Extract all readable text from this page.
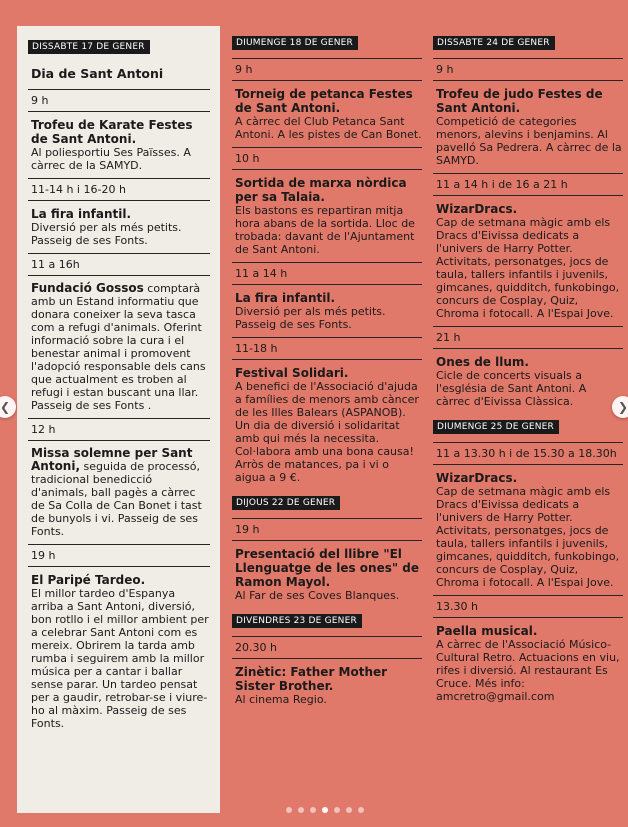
DISSABTE 17 DE GENER
Dia de Sant Antoni
9 h
Trofeu de Karate Festes de Sant Antoni.
Al poliesportiu Ses Païsses. A càrrec de la SAMYD.
11-14 h i 16-20 h
La fira infantil.
Diversió per als més petits. Passeig de ses Fonts.
11 a 16h
Fundació Gossos comptarà amb un Estand informatiu que donara coneixer la seva tasca com a refugi d'animals. Oferint informació sobre la cura i el benestar animal i promovent l'adopció responsable dels cans que actualment es troben al refugi i estan buscant una llar. Passeig de ses Fonts .
12 h
Missa solemne per Sant Antoni, seguida de processó, tradicional benedicció d'animals, ball pagès a càrrec de Sa Colla de Can Bonet i tast de bunyols i vi. Passeig de ses Fonts.
19 h
El Paripé Tardeo.
El millor tardeo d'Espanya arriba a Sant Antoni, diversió, bon rotllo i el millor ambient per a celebrar Sant Antoni com es mereix. Obrirem la tarda amb rumba i seguirem amb la millor música per a cantar i ballar sense parar. Un tardeo pensat per a gaudir, retrobar-se i viure-ho al màxim. Passeig de ses Fonts.
DIUMENGE 18 DE GENER
9 h
Torneig de petanca Festes de Sant Antoni.
A càrrec del Club Petanca Sant Antoni. A les pistes de Can Bonet.
10 h
Sortida de marxa nòrdica per sa Talaia.
Els bastons es repartiran mitja hora abans de la sortida. Lloc de trobada: davant de l'Ajuntament de Sant Antoni.
11 a 14 h
La fira infantil.
Diversió per als més petits. Passeig de ses Fonts.
11-18 h
Festival Solidari.
A benefici de l'Associació d'ajuda a famílies de menors amb càncer de les Illes Balears (ASPANOB). Un dia de diversió i solidaritat amb qui més la necessita. Col·labora amb una bona causa! Arròs de matances, pa i vi o aigua a 9 €.
DIJOUS 22 DE GENER
19 h
Presentació del llibre "El Llenguatge de les ones" de Ramon Mayol.
Al Far de ses Coves Blanques.
DIVENDRES 23 DE GENER
20.30 h
Zinètic: Father Mother Sister Brother.
Al cinema Regio.
DISSABTE 24 DE GENER
9 h
Trofeu de judo Festes de Sant Antoni.
Competició de categories menors, alevins i benjamins. Al pavelló Sa Pedrera. A càrrec de la SAMYD.
11 a 14 h i de 16 a 21 h
WizarDracs.
Cap de setmana màgic amb els Dracs d'Eivissa dedicats a l'univers de Harry Potter. Activitats, personatges, jocs de taula, tallers infantils i juvenils, gimcanes, quidditch, funkobingo, concurs de Cosplay, Quiz, Chroma i fotocall. A l'Espai Jove.
21 h
Ones de llum.
Cicle de concerts visuals a l'església de Sant Antoni. A càrrec d'Eivissa Clàssica.
DIUMENGE 25 DE GENER
11 a 13.30 h i de 15.30 a 18.30h
WizarDracs.
Cap de setmana màgic amb els Dracs d'Eivissa dedicats a l'univers de Harry Potter. Activitats, personatges, jocs de taula, tallers infantils i juvenils, gimcanes, quidditch, funkobingo, concurs de Cosplay, Quiz, Chroma i fotocall. A l'Espai Jove.
13.30 h
Paella musical.
A càrrec de l'Associació Músico-Cultural Retro. Actuacions en viu, rifes i diversió. Al restaurant Es Cruce. Més info: amcretro@gmail.com
❮	❯
